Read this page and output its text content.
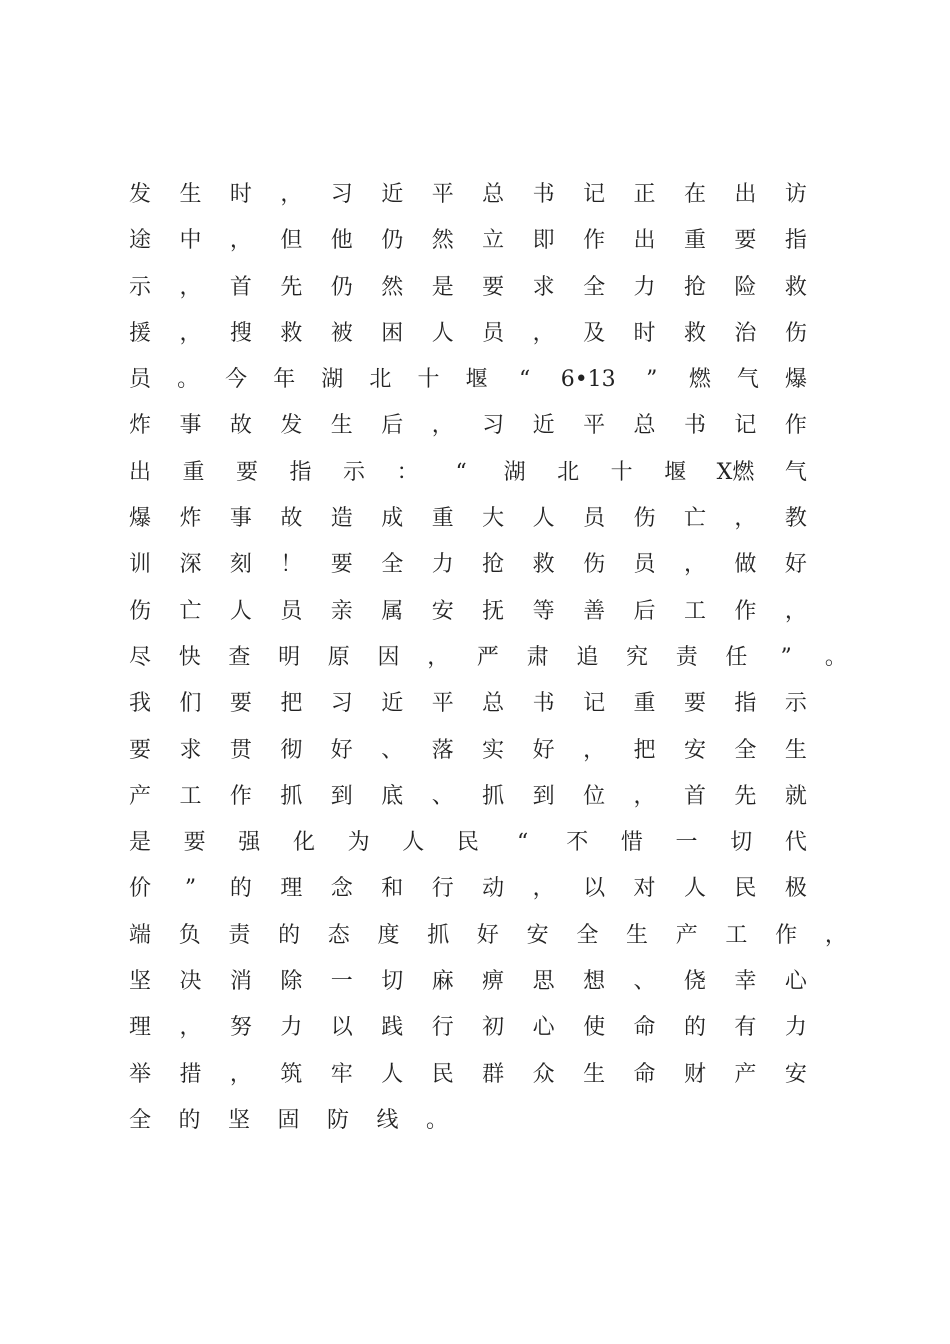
发 生 时 ， 习 近 平 总 书 记 正 在 出 访
途 中 ， 但 他 仍 然 立 即 作 出 重 要 指
示 ， 首 先 仍 然 是 要 求 全 力 抢 险 救
援 ， 搜 救 被 困 人 员 ， 及 时 救 治 伤
员 。 今 年 湖 北 十 堰 “ 6•13 ” 燃 气 爆
炸 事 故 发 生 后 ， 习 近 平 总 书 记 作
出 重 要 指 示 ： “ 湖 北 十 堰 X燃 气
爆 炸 事 故 造 成 重 大 人 员 伤 亡 ， 教
训 深 刻 ！ 要 全 力 抢 救 伤 员 ， 做 好
伤 亡 人 员 亲 属 安 抚 等 善 后 工 作 ，
尽 快 查 明 原 因 ， 严 肃 追 究 责 任 ” 。
我 们 要 把 习 近 平 总 书 记 重 要 指 示
要 求 贯 彻 好 、 落 实 好 ， 把 安 全 生
产 工 作 抓 到 底 、 抓 到 位 ， 首 先 就
是 要 强 化 为 人 民 “ 不 惜 一 切 代
价 ” 的 理 念 和 行 动 ， 以 对 人 民 极
端 负 责 的 态 度 抓 好 安 全 生 产 工 作 ，
坚 决 消 除 一 切 麻 痹 思 想 、 侥 幸 心
理 ， 努 力 以 践 行 初 心 使 命 的 有 力
举 措 ， 筑 牢 人 民 群 众 生 命 财 产 安
全 的 坚 固 防 线 。
